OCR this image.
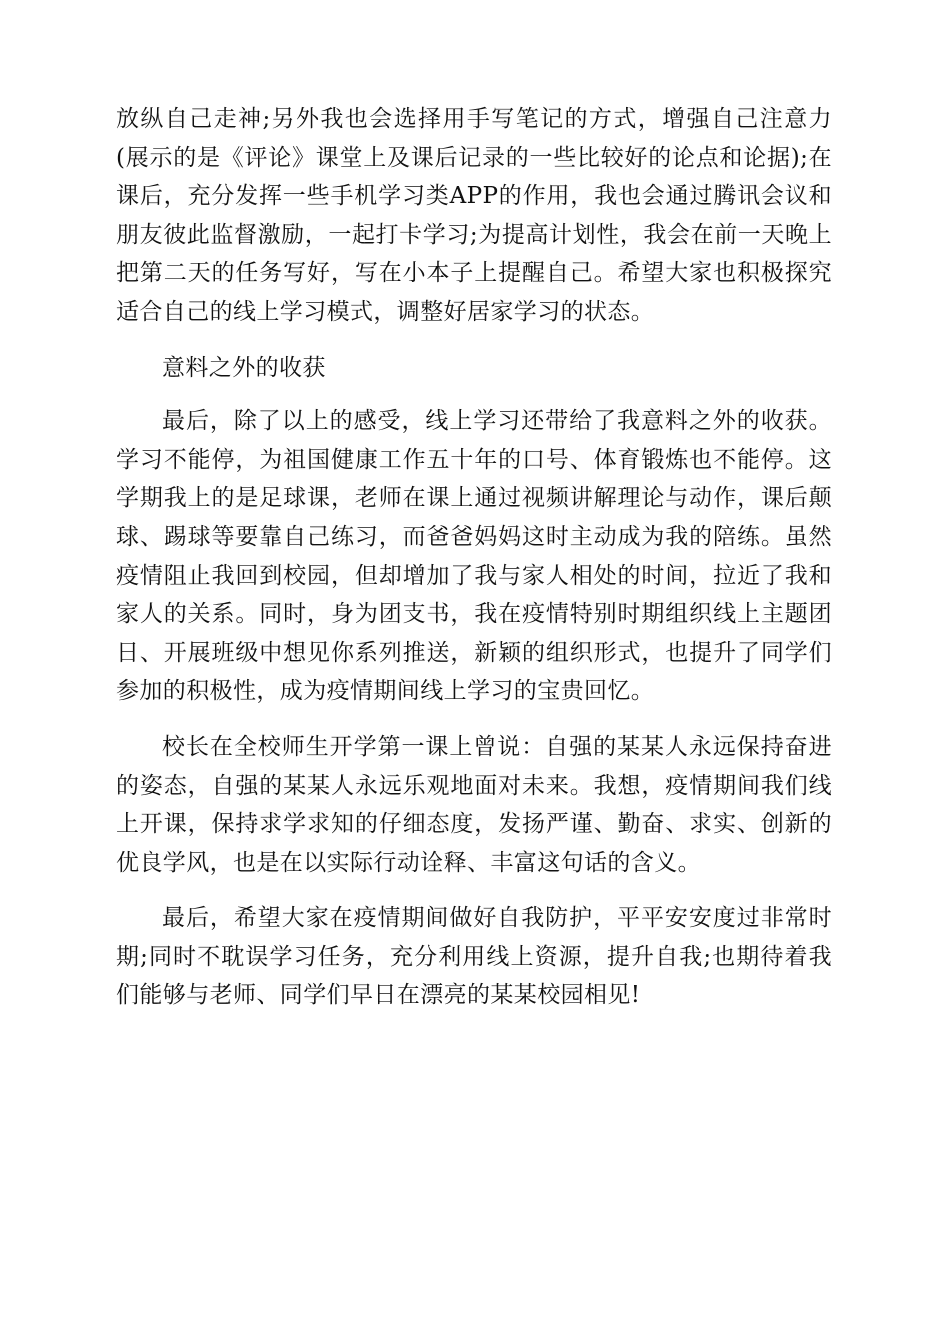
放纵自己走神;另外我也会选择用手写笔记的方式，增强自己注意力(展示的是《评论》课堂上及课后记录的一些比较好的论点和论据);在课后，充分发挥一些手机学习类APP的作用，我也会通过腾讯会议和朋友彼此监督激励，一起打卡学习;为提高计划性，我会在前一天晚上把第二天的任务写好，写在小本子上提醒自己。希望大家也积极探究适合自己的线上学习模式，调整好居家学习的状态。

意料之外的收获

最后，除了以上的感受，线上学习还带给了我意料之外的收获。学习不能停，为祖国健康工作五十年的口号、体育锻炼也不能停。这学期我上的是足球课，老师在课上通过视频讲解理论与动作，课后颠球、踢球等要靠自己练习，而爸爸妈妈这时主动成为我的陪练。虽然疫情阻止我回到校园，但却增加了我与家人相处的时间，拉近了我和家人的关系。同时，身为团支书，我在疫情特别时期组织线上主题团日、开展班级中想见你系列推送，新颖的组织形式，也提升了同学们参加的积极性，成为疫情期间线上学习的宝贵回忆。

校长在全校师生开学第一课上曾说：自强的某某人永远保持奋进的姿态，自强的某某人永远乐观地面对未来。我想，疫情期间我们线上开课，保持求学求知的仔细态度，发扬严谨、勤奋、求实、创新的优良学风，也是在以实际行动诠释、丰富这句话的含义。

最后，希望大家在疫情期间做好自我防护，平平安安度过非常时期;同时不耽误学习任务，充分利用线上资源，提升自我;也期待着我们能够与老师、同学们早日在漂亮的某某校园相见!
